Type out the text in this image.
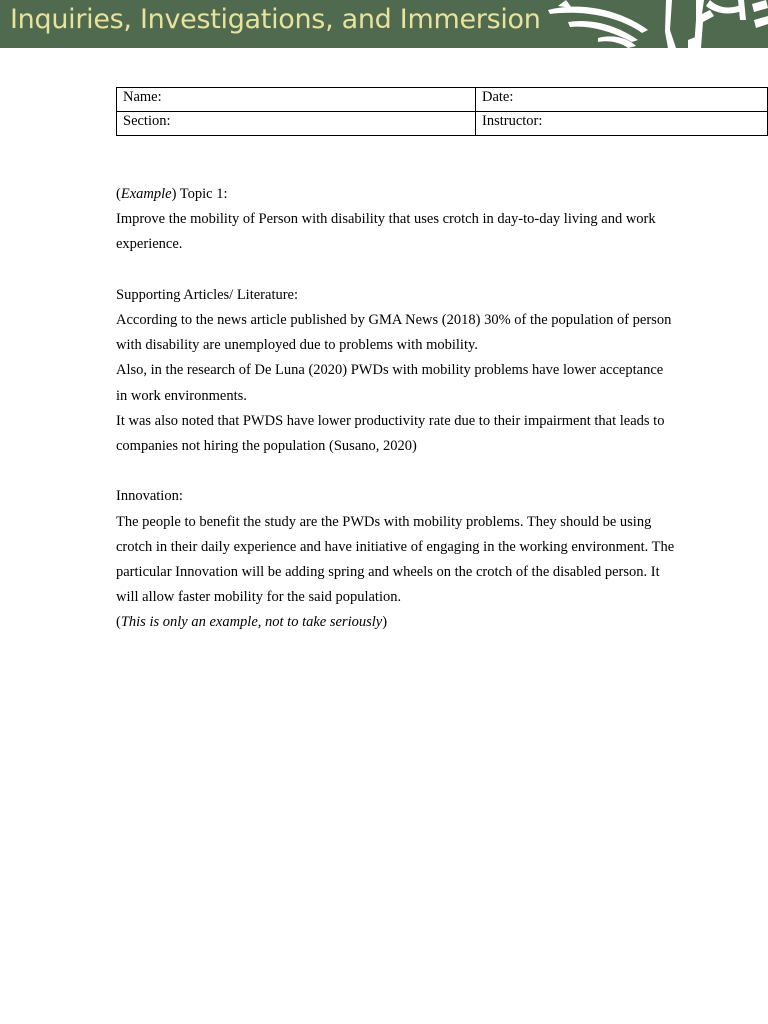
Inquiries, Investigations, and Immersion
Name:	Date:
Section:	Instructor:

(Example) Topic 1:

Improve the mobility of Person with disability that uses crotch in day-to-day living and work experience.

Supporting Articles/ Literature:

According to the news article published by GMA News (2018) 30% of the population of person with disability are unemployed due to problems with mobility.

Also, in the research of De Luna (2020) PWDs with mobility problems have lower acceptance in work environments.

It was also noted that PWDS have lower productivity rate due to their impairment that leads to companies not hiring the population (Susano, 2020)

Innovation:

The people to benefit the study are the PWDs with mobility problems. They should be using crotch in their daily experience and have initiative of engaging in the working environment. The particular Innovation will be adding spring and wheels on the crotch of the disabled person. It will allow faster mobility for the said population.

(This is only an example, not to take seriously)
